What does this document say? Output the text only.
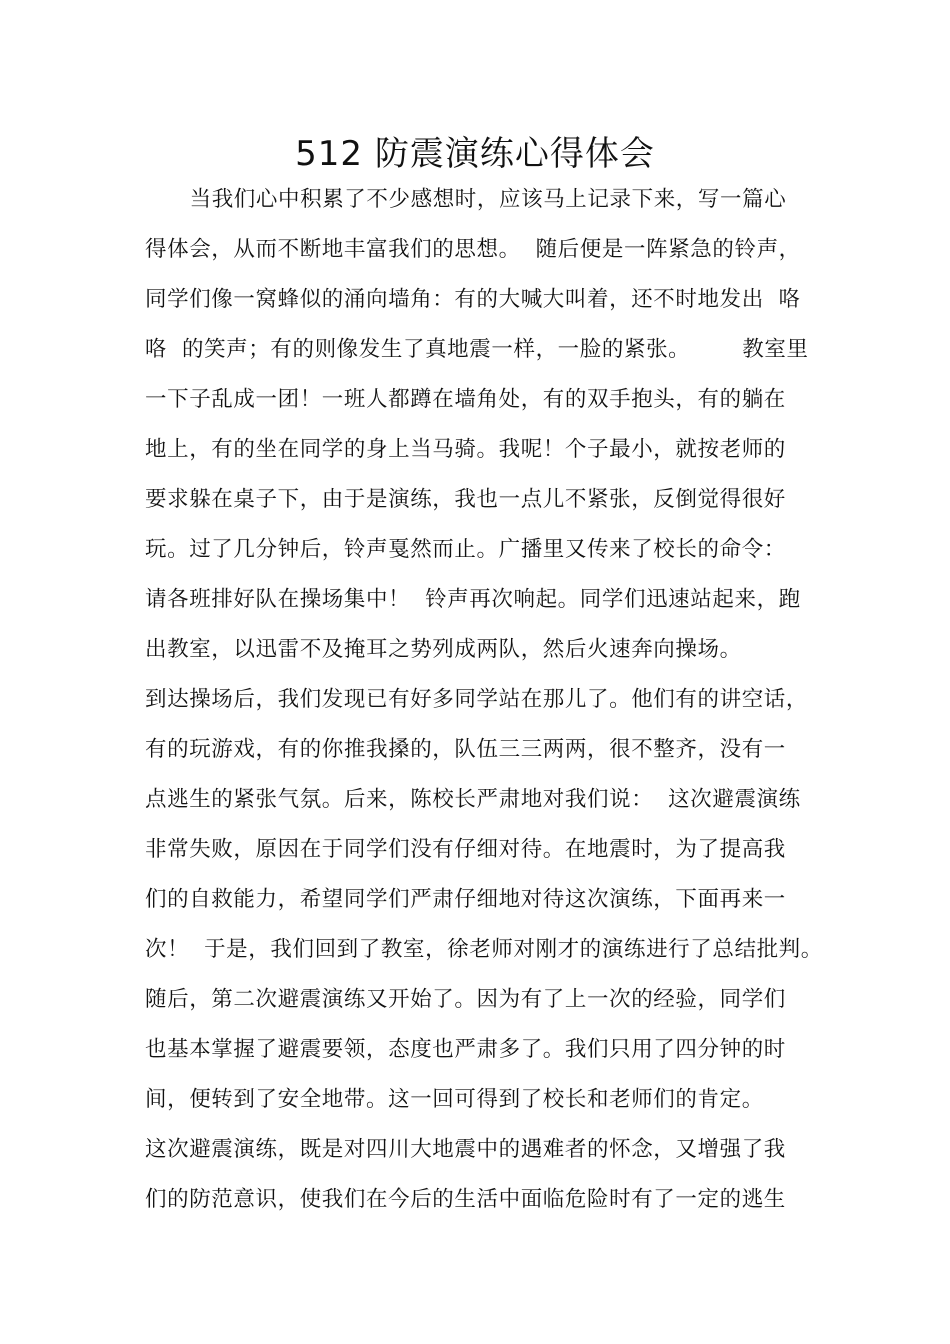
512 防震演练心得体会
当我们心中积累了不少感想时，应该马上记录下来，写一篇心
得体会，从而不断地丰富我们的思想。  随后便是一阵紧急的铃声，
同学们像一窝蜂似的涌向墙角：有的大喊大叫着，还不时地发出  咯
咯  的笑声；有的则像发生了真地震一样，一脸的紧张。       教室里
一下子乱成一团！一班人都蹲在墙角处，有的双手抱头，有的躺在
地上，有的坐在同学的身上当马骑。我呢！个子最小，就按老师的
要求躲在桌子下，由于是演练，我也一点儿不紧张，反倒觉得很好
玩。过了几分钟后，铃声戛然而止。广播里又传来了校长的命令：
请各班排好队在操场集中！  铃声再次响起。同学们迅速站起来，跑
出教室，以迅雷不及掩耳之势列成两队，然后火速奔向操场。
到达操场后，我们发现已有好多同学站在那儿了。他们有的讲空话，
有的玩游戏，有的你推我搡的，队伍三三两两，很不整齐，没有一
点逃生的紧张气氛。后来，陈校长严肃地对我们说：  这次避震演练
非常失败，原因在于同学们没有仔细对待。在地震时，为了提高我
们的自救能力，希望同学们严肃仔细地对待这次演练，下面再来一
次！  于是，我们回到了教室，徐老师对刚才的演练进行了总结批判。
随后，第二次避震演练又开始了。因为有了上一次的经验，同学们
也基本掌握了避震要领，态度也严肃多了。我们只用了四分钟的时
间，便转到了安全地带。这一回可得到了校长和老师们的肯定。
这次避震演练，既是对四川大地震中的遇难者的怀念，又增强了我
们的防范意识，使我们在今后的生活中面临危险时有了一定的逃生
